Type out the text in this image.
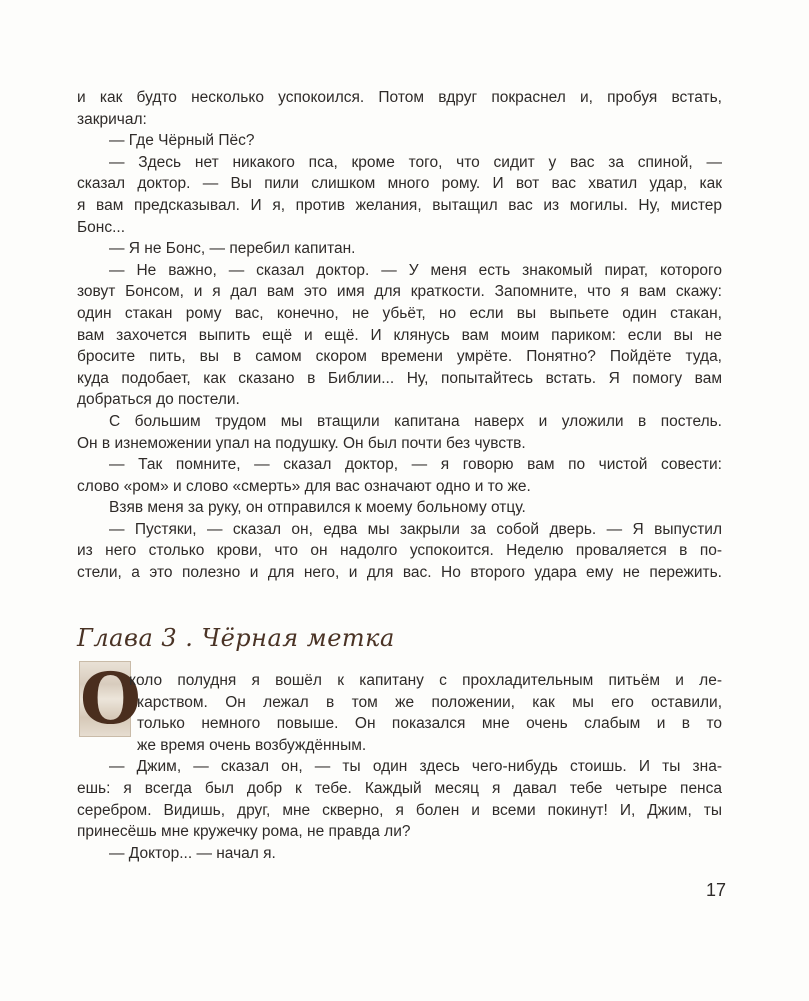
и как будто несколько успокоился. Потом вдруг покраснел и, пробуя встать,
закричал:
— Где Чёрный Пёс?
— Здесь нет никакого пса, кроме того, что сидит у вас за спиной, —
сказал доктор. — Вы пили слишком много рому. И вот вас хватил удар, как
я вам предсказывал. И я, против желания, вытащил вас из могилы. Ну, мистер
Бонс...
— Я не Бонс, — перебил капитан.
— Не важно, — сказал доктор. — У меня есть знакомый пират, которого
зовут Бонсом, и я дал вам это имя для краткости. Запомните, что я вам скажу:
один стакан рому вас, конечно, не убьёт, но если вы выпьете один стакан,
вам захочется выпить ещё и ещё. И клянусь вам моим париком: если вы не
бросите пить, вы в самом скором времени умрёте. Понятно? Пойдёте туда,
куда подобает, как сказано в Библии... Ну, попытайтесь встать. Я помогу вам
добраться до постели.
С большим трудом мы втащили капитана наверх и уложили в постель.
Он в изнеможении упал на подушку. Он был почти без чувств.
— Так помните, — сказал доктор, — я говорю вам по чистой совести:
слово «ром» и слово «смерть» для вас означают одно и то же.
Взяв меня за руку, он отправился к моему больному отцу.
— Пустяки, — сказал он, едва мы закрыли за собой дверь. — Я выпустил
из него столько крови, что он надолго успокоится. Неделю проваляется в по-
стели, а это полезно и для него, и для вас. Но второго удара ему не пережить.
Глава 3 . Чёрная метка
О
коло полудня я вошёл к капитану с прохладительным питьём и ле-
карством. Он лежал в том же положении, как мы его оставили,
только немного повыше. Он показался мне очень слабым и в то
же время очень возбуждённым.
— Джим, — сказал он, — ты один здесь чего-нибудь стоишь. И ты зна-
ешь: я всегда был добр к тебе. Каждый месяц я давал тебе четыре пенса
серебром. Видишь, друг, мне скверно, я болен и всеми покинут! И, Джим, ты
принесёшь мне кружечку рома, не правда ли?
— Доктор... — начал я.
17
